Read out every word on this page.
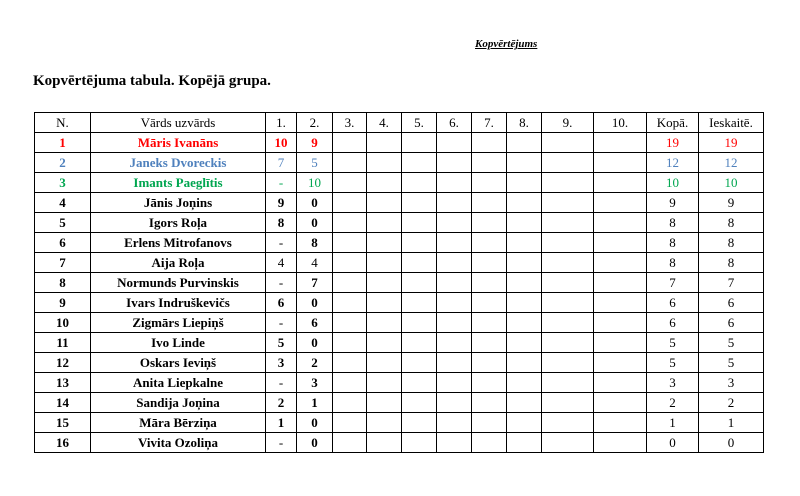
Kopvērtējums
Kopvērtējuma tabula. Kopējā grupa.
N.	Vārds uzvārds	1.	2.	3.	4.	5.	6.	7.	8.	9.	10.	Kopā.	Ieskaitē.
1	Māris Ivanāns	10	9									19	19
2	Janeks Dvoreckis	7	5									12	12
3	Imants Paeglītis	-	10									10	10
4	Jānis Joņins	9	0									9	9
5	Igors Roļa	8	0									8	8
6	Erlens Mitrofanovs	-	8									8	8
7	Aija Roļa	4	4									8	8
8	Normunds Purvinskis	-	7									7	7
9	Ivars Indruškevičs	6	0									6	6
10	Zigmārs Liepiņš	-	6									6	6
11	Ivo Linde	5	0									5	5
12	Oskars Ieviņš	3	2									5	5
13	Anita Liepkalne	-	3									3	3
14	Sandija Joņina	2	1									2	2
15	Māra Bērziņa	1	0									1	1
16	Vivita Ozoliņa	-	0									0	0
